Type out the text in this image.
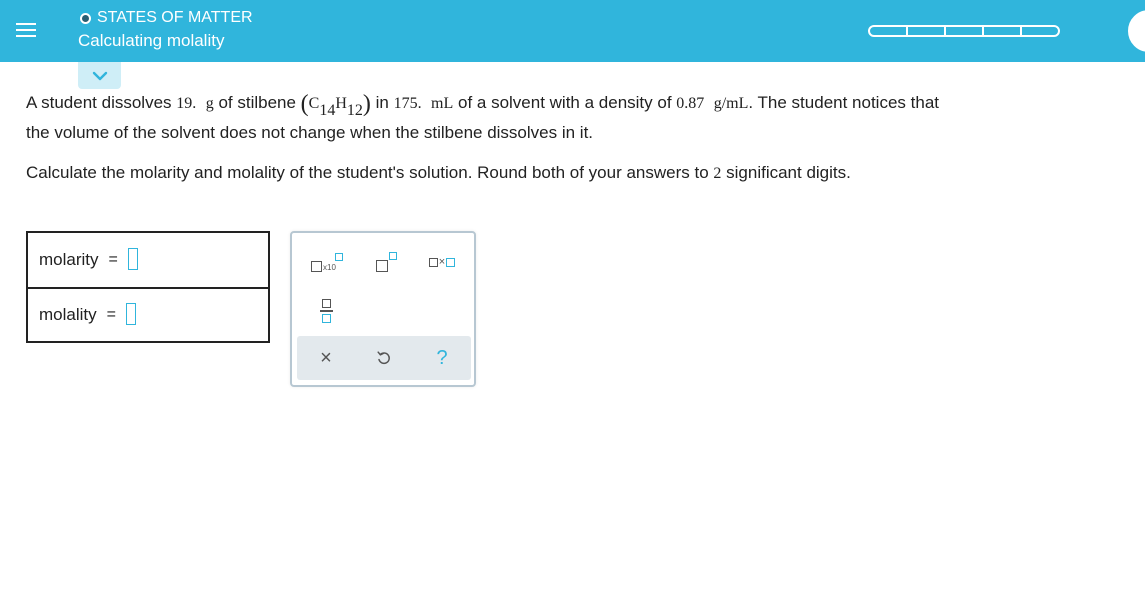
STATES OF MATTER
Calculating molality
A student dissolves 19. g of stilbene (C14H12) in 175. mL of a solvent with a density of 0.87 g/mL. The student notices that
the volume of the solvent does not change when the stilbene dissolves in it.
Calculate the molarity and molality of the student's solution. Round both of your answers to 2 significant digits.
molarity =
molality =
x10	×
×	?
